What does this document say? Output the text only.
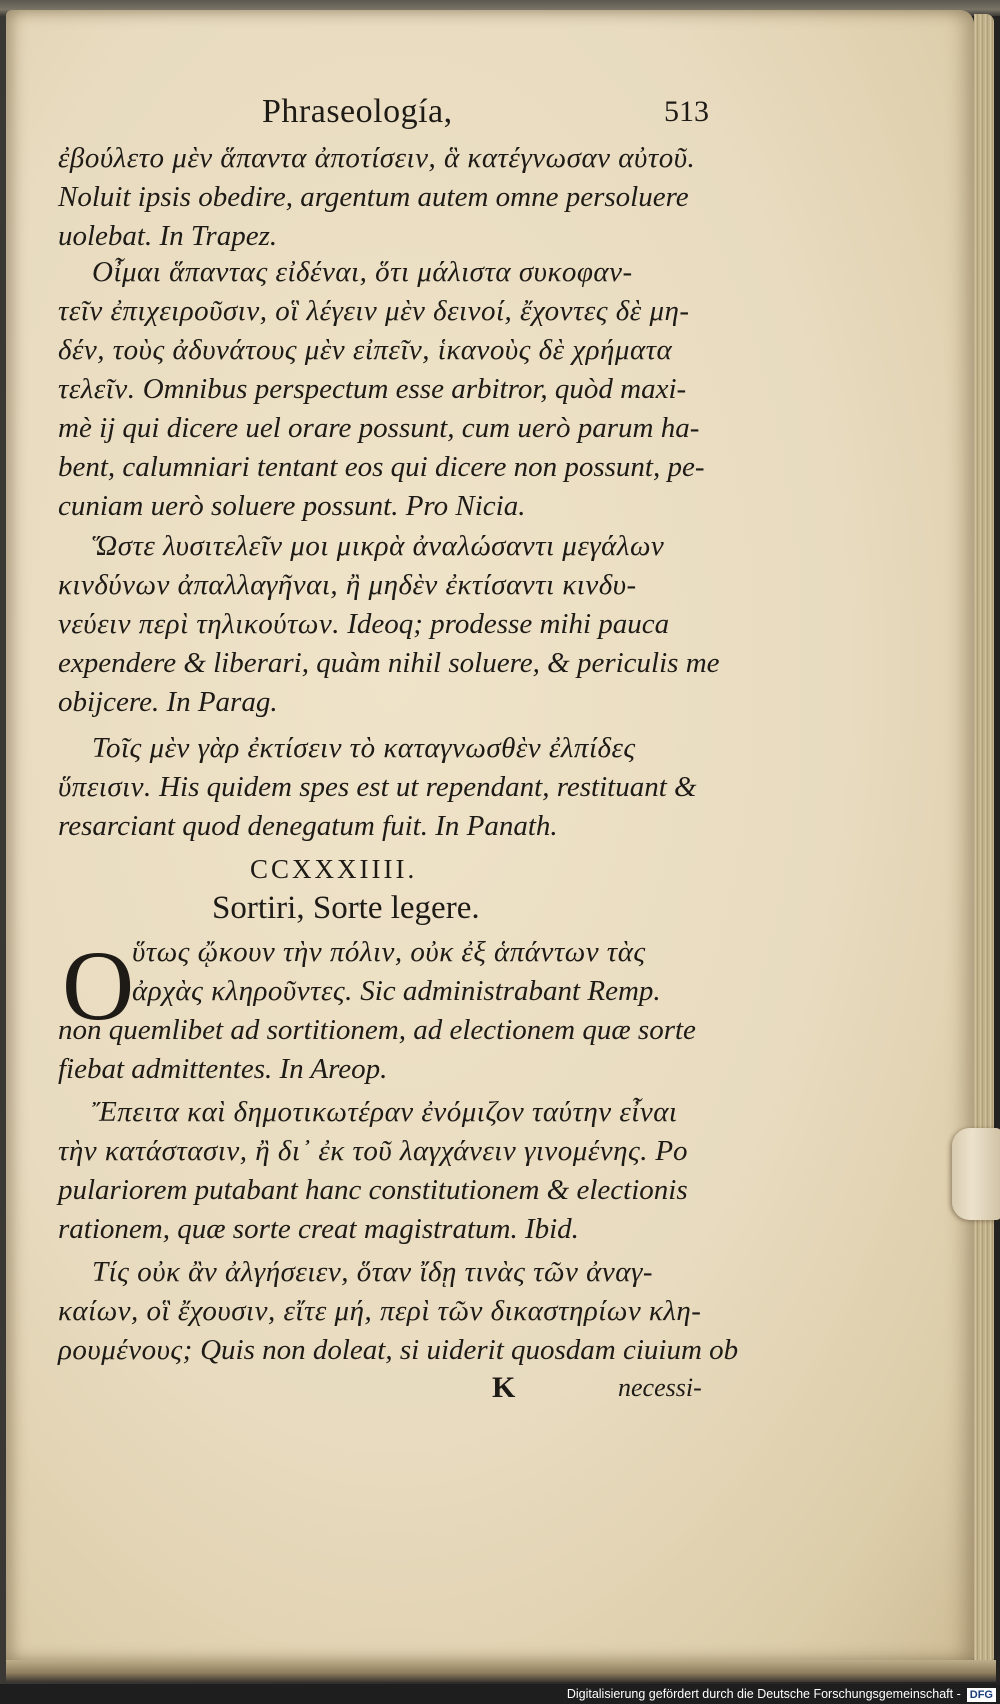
Phraseología,	513
ἐβούλετο μὲν ἅπαντα ἀποτίσειν, ἃ κατέγνωσαν αὐτοῦ.
Noluit ipsis obedire, argentum autem omne persoluere
uolebat. In Trapez.
Οἶμαι ἅπαντας εἰδέναι, ὅτι μάλιστα συκοφαν-
τεῖν ἐπιχειροῦσιν, οἳ λέγειν μὲν δεινοί, ἔχοντες δὲ μη-
δέν, τοὺς ἀδυνάτους μὲν εἰπεῖν, ἱκανοὺς δὲ χρήματα
τελεῖν. Omnibus perspectum esse arbitror, quòd maxi-
mè ij qui dicere uel orare possunt, cum uerò parum ha-
bent, calumniari tentant eos qui dicere non possunt, pe-
cuniam uerò soluere possunt. Pro Nicia.
Ὥστε λυσιτελεῖν μοι μικρὰ ἀναλώσαντι μεγάλων
κινδύνων ἀπαλλαγῆναι, ἢ μηδὲν ἐκτίσαντι κινδυ-
νεύειν περὶ τηλικούτων. Ideoq; prodesse mihi pauca
expendere & liberari, quàm nihil soluere, & periculis me
obijcere. In Parag.
Τοῖς μὲν γὰρ ἐκτίσειν τὸ καταγνωσθὲν ἐλπίδες
ὕπεισιν. His quidem spes est ut rependant, restituant &
resarciant quod denegatum fuit. In Panath.
ὕτως ᾤκουν τὴν πόλιν, οὐκ ἐξ ἁπάντων τὰς
ἀρχὰς κληροῦντες. Sic administrabant Remp.
non quemlibet ad sortitionem, ad electionem quæ sorte
fiebat admittentes. In Areop.
Ἔπειτα καὶ δημοτικωτέραν ἐνόμιζον ταύτην εἶναι
τὴν κατάστασιν, ἢ δι᾽ ἐκ τοῦ λαγχάνειν γινομένης. Po
pulariorem putabant hanc constitutionem & electionis
rationem, quæ sorte creat magistratum. Ibid.
Τίς οὐκ ἂν ἀλγήσειεν, ὅταν ἴδῃ τινὰς τῶν ἀναγ-
καίων, οἳ ἔχουσιν, εἴτε μή, περὶ τῶν δικαστηρίων κλη-
ρουμένους; Quis non doleat, si uiderit quosdam ciuium ob
CCXXXIIII.
Sortiri, Sorte legere.
O
K	necessi-
Digitalisierung gefördert durch die Deutsche Forschungsgemeinschaft - DFG
